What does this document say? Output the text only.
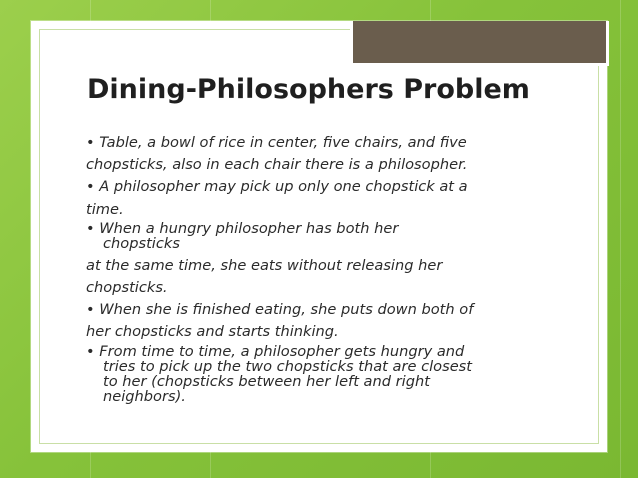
Dining-Philosophers Problem
• Table, a bowl of rice in center, five chairs, and five
chopsticks, also in each chair there is a philosopher.
• A philosopher may pick up only one chopstick at a
time.
• When a hungry philosopher has both her
chopsticks
at the same time, she eats without releasing her
chopsticks.
• When she is finished eating, she puts down both of
her chopsticks and starts thinking.
• From time to time, a philosopher gets hungry and
tries to pick up the two chopsticks that are closest
to her (chopsticks between her left and right
neighbors).
